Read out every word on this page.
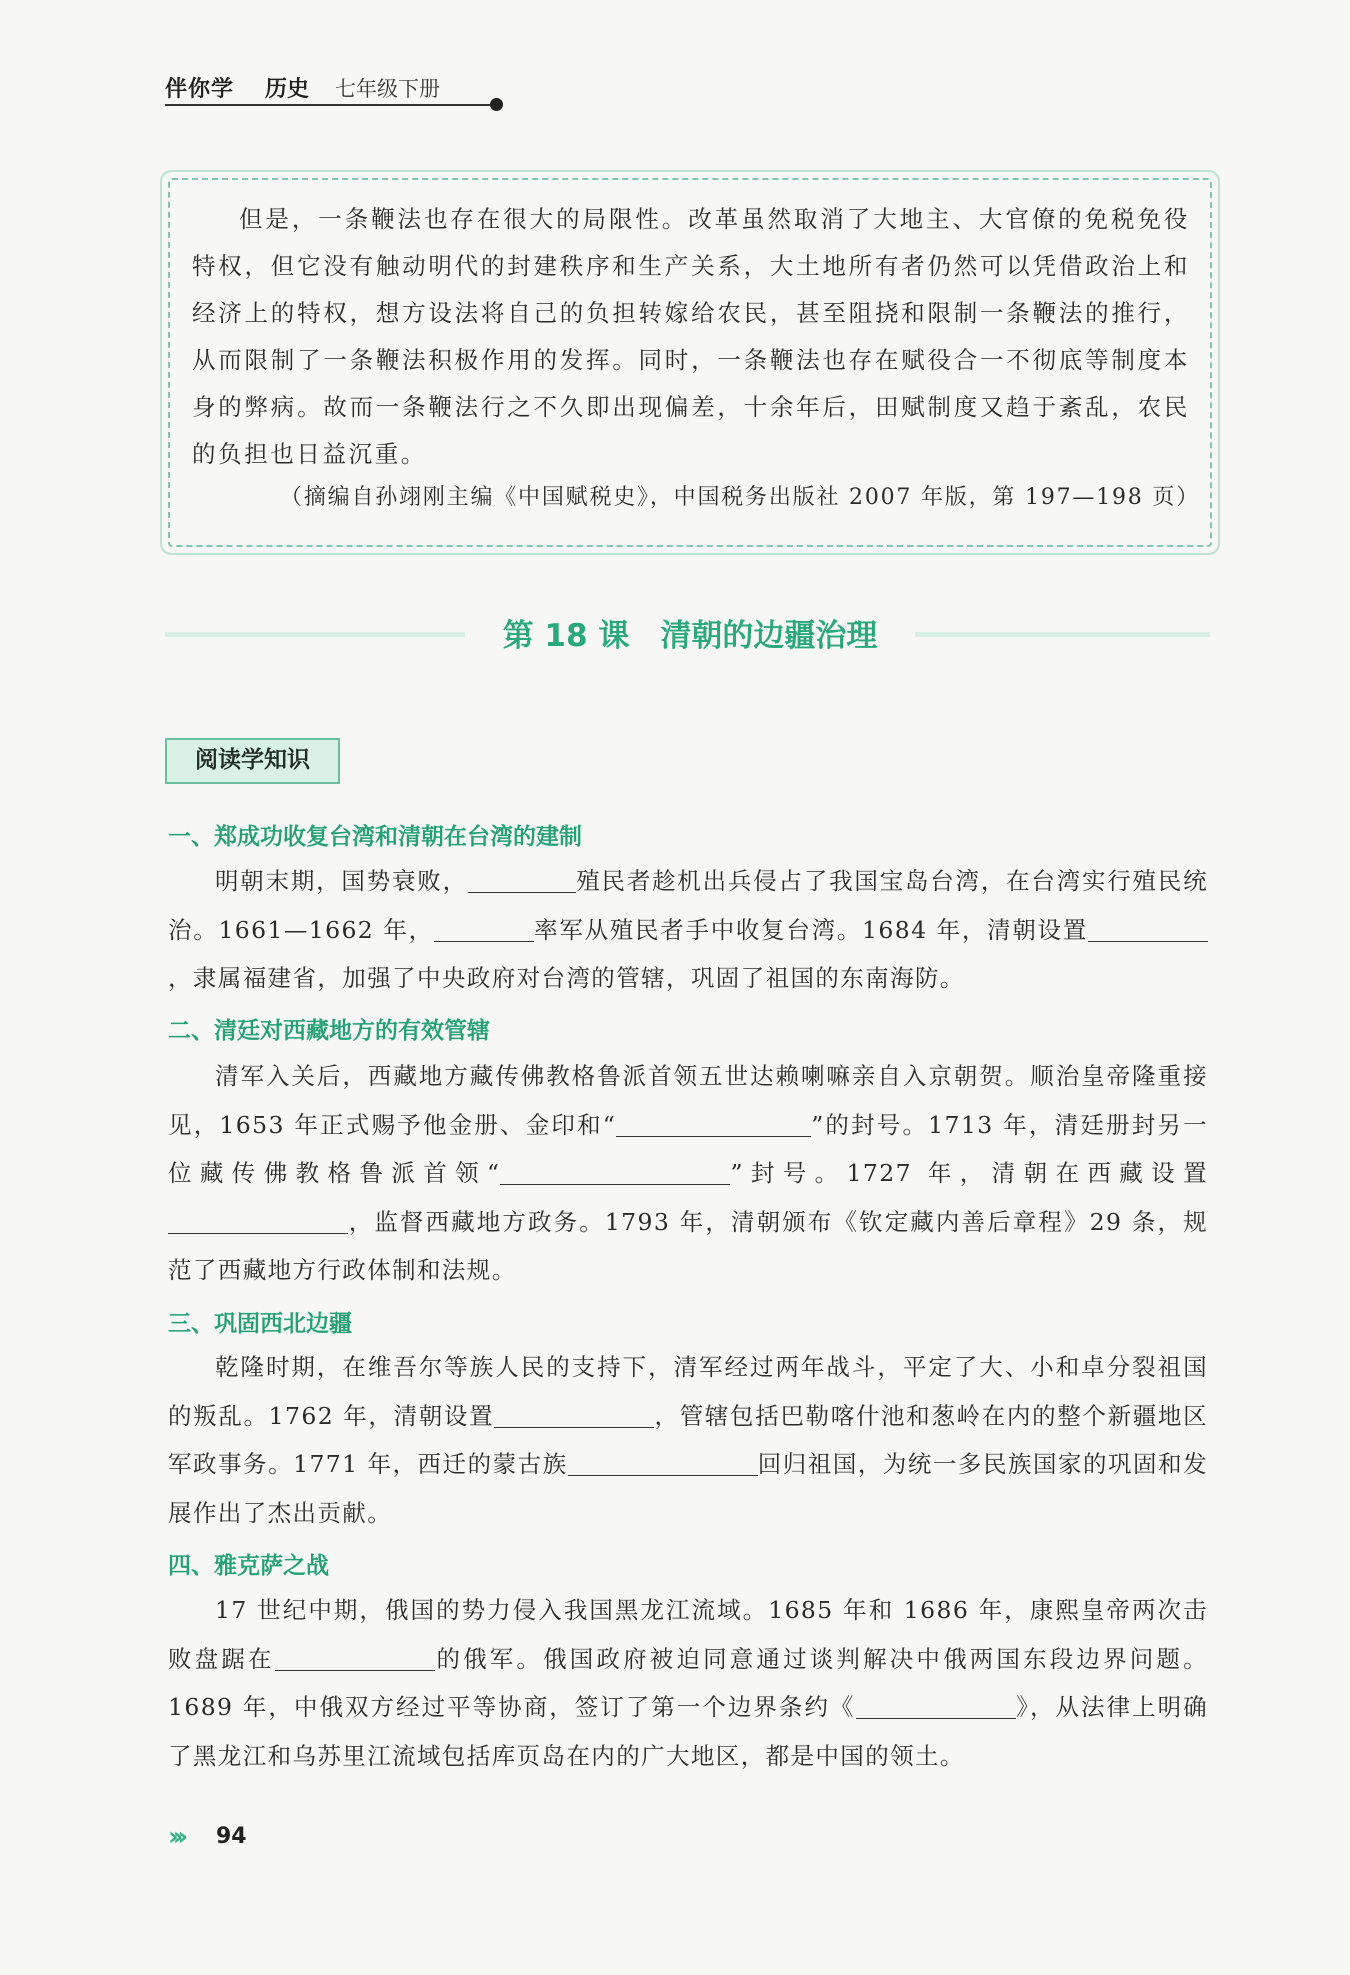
伴你学 历史 七年级下册
但是，一条鞭法也存在很大的局限性。改革虽然取消了大地主、大官僚的免税免役特权，但它没有触动明代的封建秩序和生产关系，大土地所有者仍然可以凭借政治上和经济上的特权，想方设法将自己的负担转嫁给农民，甚至阻挠和限制一条鞭法的推行，从而限制了一条鞭法积极作用的发挥。同时，一条鞭法也存在赋役合一不彻底等制度本身的弊病。故而一条鞭法行之不久即出现偏差，十余年后，田赋制度又趋于紊乱，农民的负担也日益沉重。
（摘编自孙翊刚主编《中国赋税史》，中国税务出版社 2007 年版，第 197—198 页）
第 18 课　清朝的边疆治理
阅读学知识
一、郑成功收复台湾和清朝在台湾的建制

明朝末期，国势衰败，	殖民者趁机出兵侵占了我国宝岛台湾，在台湾实行殖民统治。1661—1662 年，	率军从殖民者手中收复台湾。1684 年，清朝设置，隶属福建省，加强了中央政府对台湾的管辖，巩固了祖国的东南海防。

二、清廷对西藏地方的有效管辖

清军入关后，西藏地方藏传佛教格鲁派首领五世达赖喇嘛亲自入京朝贺。顺治皇帝隆重接见，1653 年正式赐予他金册、金印和“	”的封号。1713 年，清廷册封另一位藏传佛教格鲁派首领“	”封号。1727 年，清朝在西藏设置，监督西藏地方政务。1793 年，清朝颁布《钦定藏内善后章程》29 条，规范了西藏地方行政体制和法规。

三、巩固西北边疆

乾隆时期，在维吾尔等族人民的支持下，清军经过两年战斗，平定了大、小和卓分裂祖国的叛乱。1762 年，清朝设置	，管辖包括巴勒喀什池和葱岭在内的整个新疆地区军政事务。1771 年，西迁的蒙古族	回归祖国，为统一多民族国家的巩固和发展作出了杰出贡献。

四、雅克萨之战

17 世纪中期，俄国的势力侵入我国黑龙江流域。1685 年和 1686 年，康熙皇帝两次击败盘踞在	的俄军。俄国政府被迫同意通过谈判解决中俄两国东段边界问题。1689 年，中俄双方经过平等协商，签订了第一个边界条约《	》，从法律上明确了黑龙江和乌苏里江流域包括库页岛在内的广大地区，都是中国的领土。

››› 94
